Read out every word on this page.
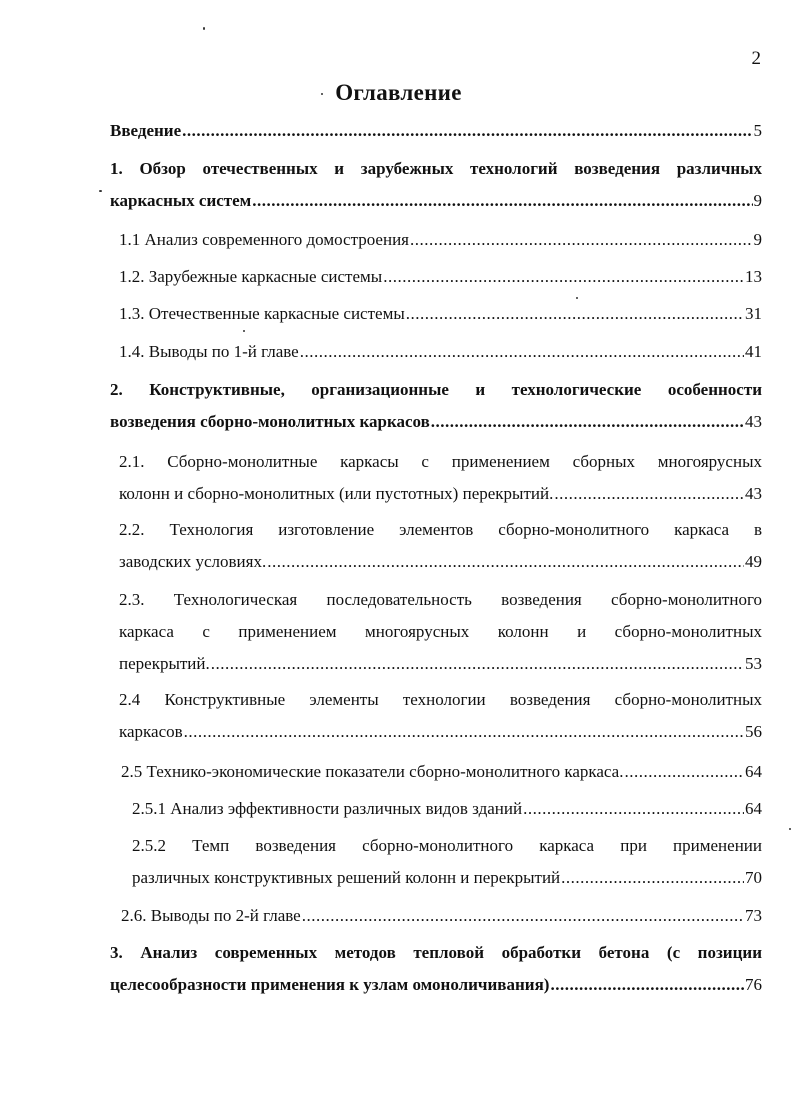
2
Оглавление
Введение .....	5
1. Обзор отечественных и зарубежных технологий возведения различных
каркасных систем .....	9
1.1 Анализ современного домостроения .....	9
1.2. Зарубежные каркасные системы .....	13
1.3. Отечественные каркасные системы .....	31
1.4. Выводы по 1-й главе .....	41
2. Конструктивные, организационные и технологические особенности
возведения сборно-монолитных каркасов .....	43
2.1. Сборно-монолитные каркасы с применением сборных многоярусных
колонн и сборно-монолитных (или пустотных) перекрытий. .....	43
2.2. Технология изготовление элементов сборно-монолитного каркаса в
заводских условиях. .....	49
2.3. Технологическая последовательность возведения сборно-монолитного
каркаса с применением многоярусных колонн и сборно-монолитных
перекрытий. .....	53
2.4 Конструктивные элементы технологии возведения сборно-монолитных
каркасов .....	56
2.5 Технико-экономические показатели сборно-монолитного каркаса. .....	64
2.5.1 Анализ эффективности различных видов зданий .....	64
2.5.2 Темп возведения сборно-монолитного каркаса при применении
различных конструктивных решений колонн и перекрытий .....	70
2.6. Выводы по 2-й главе .....	73
3. Анализ современных методов тепловой обработки бетона (с позиции
целесообразности применения к узлам омоноличивания) .....	76
